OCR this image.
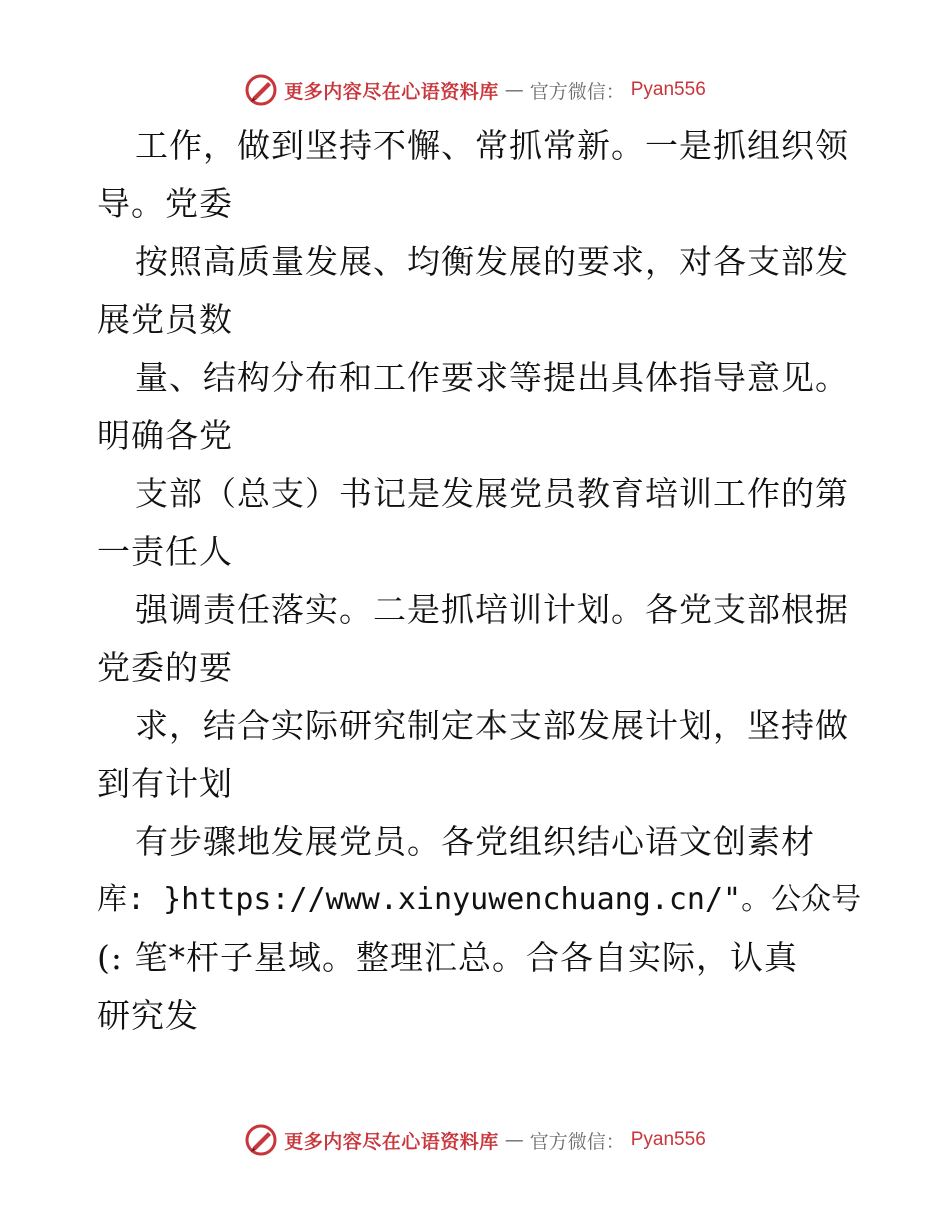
更多内容尽在心语资料库 — 官方微信： Pyan556
工作，做到坚持不懈、常抓常新。一是抓组织领
导。党委
按照高质量发展、均衡发展的要求，对各支部发
展党员数
量、结构分布和工作要求等提出具体指导意见。
明确各党
支部（总支）书记是发展党员教育培训工作的第
一责任人
强调责任落实。二是抓培训计划。各党支部根据
党委的要
求，结合实际研究制定本支部发展计划，坚持做
到有计划
有步骤地发展党员。各党组织结心语文创素材
库: }https://www.xinyuwenchuang.cn/"。公众号
(: 笔*杆子星域。整理汇总。合各自实际，认真
研究发
更多内容尽在心语资料库 — 官方微信： Pyan556
